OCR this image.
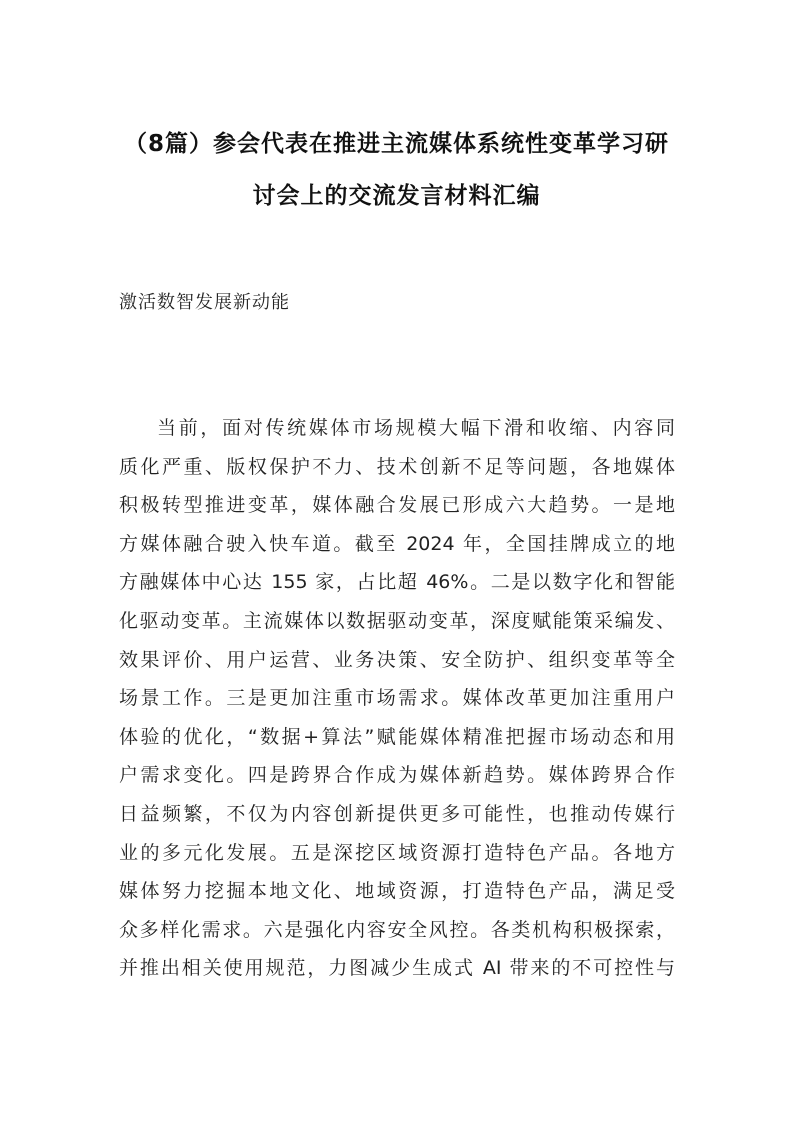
（8篇）参会代表在推进主流媒体系统性变革学习研
讨会上的交流发言材料汇编

激活数智发展新动能

当前，面对传统媒体市场规模大幅下滑和收缩、内容同
质化严重、版权保护不力、技术创新不足等问题，各地媒体
积极转型推进变革，媒体融合发展已形成六大趋势。一是地
方媒体融合驶入快车道。截至 2024 年，全国挂牌成立的地
方融媒体中心达 155 家，占比超 46%。二是以数字化和智能
化驱动变革。主流媒体以数据驱动变革，深度赋能策采编发、
效果评价、用户运营、业务决策、安全防护、组织变革等全
场景工作。三是更加注重市场需求。媒体改革更加注重用户
体验的优化，“数据+算法”赋能媒体精准把握市场动态和用
户需求变化。四是跨界合作成为媒体新趋势。媒体跨界合作
日益频繁，不仅为内容创新提供更多可能性，也推动传媒行
业的多元化发展。五是深挖区域资源打造特色产品。各地方
媒体努力挖掘本地文化、地域资源，打造特色产品，满足受
众多样化需求。六是强化内容安全风控。各类机构积极探索，
并推出相关使用规范，力图减少生成式 AI 带来的不可控性与
